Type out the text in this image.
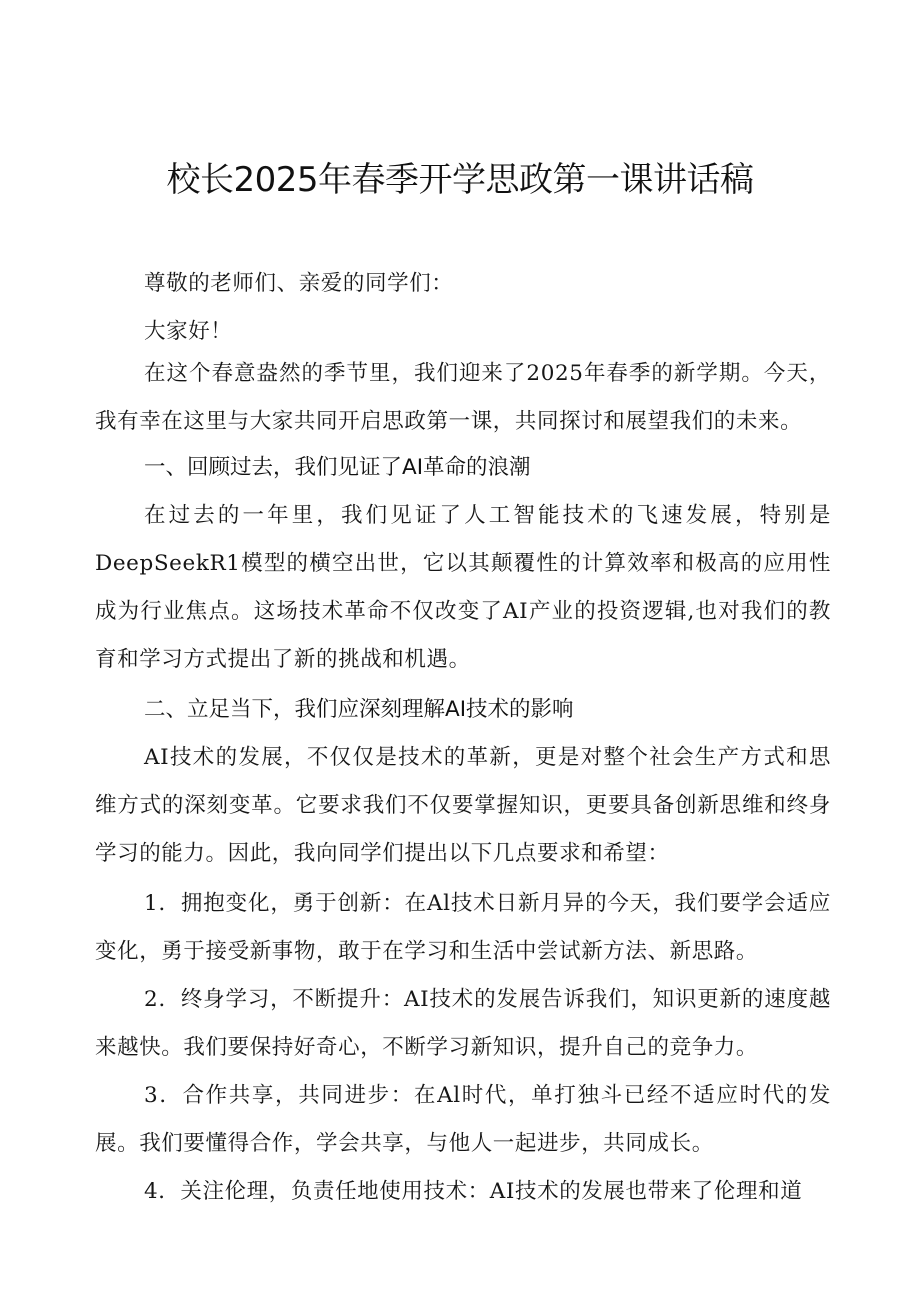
校长2025年春季开学思政第一课讲话稿

尊敬的老师们、亲爱的同学们：

大家好！

在这个春意盎然的季节里，我们迎来了2025年春季的新学期。今天，我有幸在这里与大家共同开启思政第一课，共同探讨和展望我们的未来。

一、回顾过去，我们见证了AI革命的浪潮

在过去的一年里，我们见证了人工智能技术的飞速发展，特别是DeepSeekR1模型的横空出世，它以其颠覆性的计算效率和极高的应用性成为行业焦点。这场技术革命不仅改变了AI产业的投资逻辑,也对我们的教育和学习方式提出了新的挑战和机遇。

二、立足当下，我们应深刻理解AI技术的影响

AI技术的发展，不仅仅是技术的革新，更是对整个社会生产方式和思维方式的深刻变革。它要求我们不仅要掌握知识，更要具备创新思维和终身学习的能力。因此，我向同学们提出以下几点要求和希望：

1．拥抱变化，勇于创新：在Al技术日新月异的今天，我们要学会适应变化，勇于接受新事物，敢于在学习和生活中尝试新方法、新思路。

2．终身学习，不断提升：AI技术的发展告诉我们，知识更新的速度越来越快。我们要保持好奇心，不断学习新知识，提升自己的竞争力。

3．合作共享，共同进步：在Al时代，单打独斗已经不适应时代的发展。我们要懂得合作，学会共享，与他人一起进步，共同成长。

4．关注伦理，负责任地使用技术：AI技术的发展也带来了伦理和道
